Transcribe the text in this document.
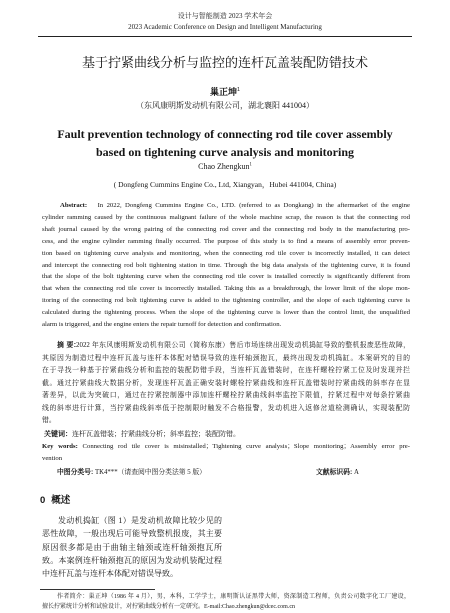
设计与智能制造 2023 学术年会
2023 Academic Conference on Design and Intelligent Manufacturing
基于拧紧曲线分析与监控的连杆瓦盖装配防错技术
巢正坤$^1$
（东风康明斯发动机有限公司，湖北襄阳 441004）
Fault prevention technology of connecting rod tile cover assembly
based on tightening curve analysis and monitoring
Chao Zhengkun$^1$
( Dongfeng Cummins Engine Co., Ltd, Xiangyan，Hubei 441004, China)
Abstract: In 2022, Dongfeng Cummins Engine Co., LTD. (referred to as Dongkang) in the aftermarket of the engine
cylinder ramming caused by the continuous malignant failure of the whole machine scrap, the reason is that the connecting rod
shaft journal caused by the wrong pairing of the connecting rod cover and the connecting rod body in the manufacturing pro-
cess, and the engine cylinder ramming finally occurred. The purpose of this study is to find a means of assembly error preven-
tion based on tightening curve analysis and monitoring, when the connecting rod tile cover is incorrectly installed, it can detect
and intercept the connecting rod bolt tightening station in time. Through the big data analysis of the tightening curve, it is found
that the slope of the bolt tightening curve when the connecting rod tile cover is installed correctly is significantly different from
that when the connecting rod tile cover is incorrectly installed. Taking this as a breakthrough, the lower limit of the slope mon-
itoring of the connecting rod bolt tightening curve is added to the tightening controller, and the slope of each tightening curve is
calculated during the tightening process. When the slope of the tightening curve is lower than the control limit, the unqualified
alarm is triggered, and the engine enters the repair turnoff for detection and confirmation.
摘 要:2022 年东风康明斯发动机有限公司（简称东康）售后市场连续出现发动机捣缸导致的整机报废恶性故障，
其原因为制造过程中连杆瓦盖与连杆本体配对错误导致的连杆轴颈抱瓦，最终出现发动机捣缸。本案研究的目的
在于寻找一种基于拧紧曲线分析和监控的装配防错手段，当连杆瓦盖错装时，在连杆螺栓拧紧工位及时发现并拦
截。通过拧紧曲线大数据分析，发现连杆瓦盖正确安装时螺栓拧紧曲线和连杆瓦盖错装时拧紧曲线的斜率存在显
著差异，以此为突破口，通过在拧紧控制器中添加连杆螺栓拧紧曲线斜率监控下限值，拧紧过程中对每条拧紧曲
线的斜率进行计算，当拧紧曲线斜率低于控制限时触发不合格报警，发动机进入返修岔道检测确认，实现装配防
错。
关键词：连杆瓦盖错装；拧紧曲线分析；斜率监控；装配防错。
Key words: Connecting rod tile cover is misinstalled；Tightening curve analysis；Slope monitoring；Assembly error pre-
vention
中图分类号: TK4***（请查阅中图分类法第 5 版）	文献标识码: A
0 概述
发动机捣缸（图 1）是发动机故障比较少见的
恶性故障，一般出现后可能导致整机报废，其主要
原因很多都是由于曲轴主轴颈或连杆轴颈抱瓦所
致。本案例连杆轴颈抱瓦的原因为发动机装配过程
中连杆瓦盖与连杆本体配对错误导致。
作者简介：巢正坤（1986 年 4 月），男，本科，工学学士，康明斯认证黑带大师，资深制造工程师，负责公司数字化工厂建设，
擅长拧紧统计分析和试验设计，对拧紧曲线分析有一定研究。E-mail:Chao.zhengkun@dcec.com.cn
